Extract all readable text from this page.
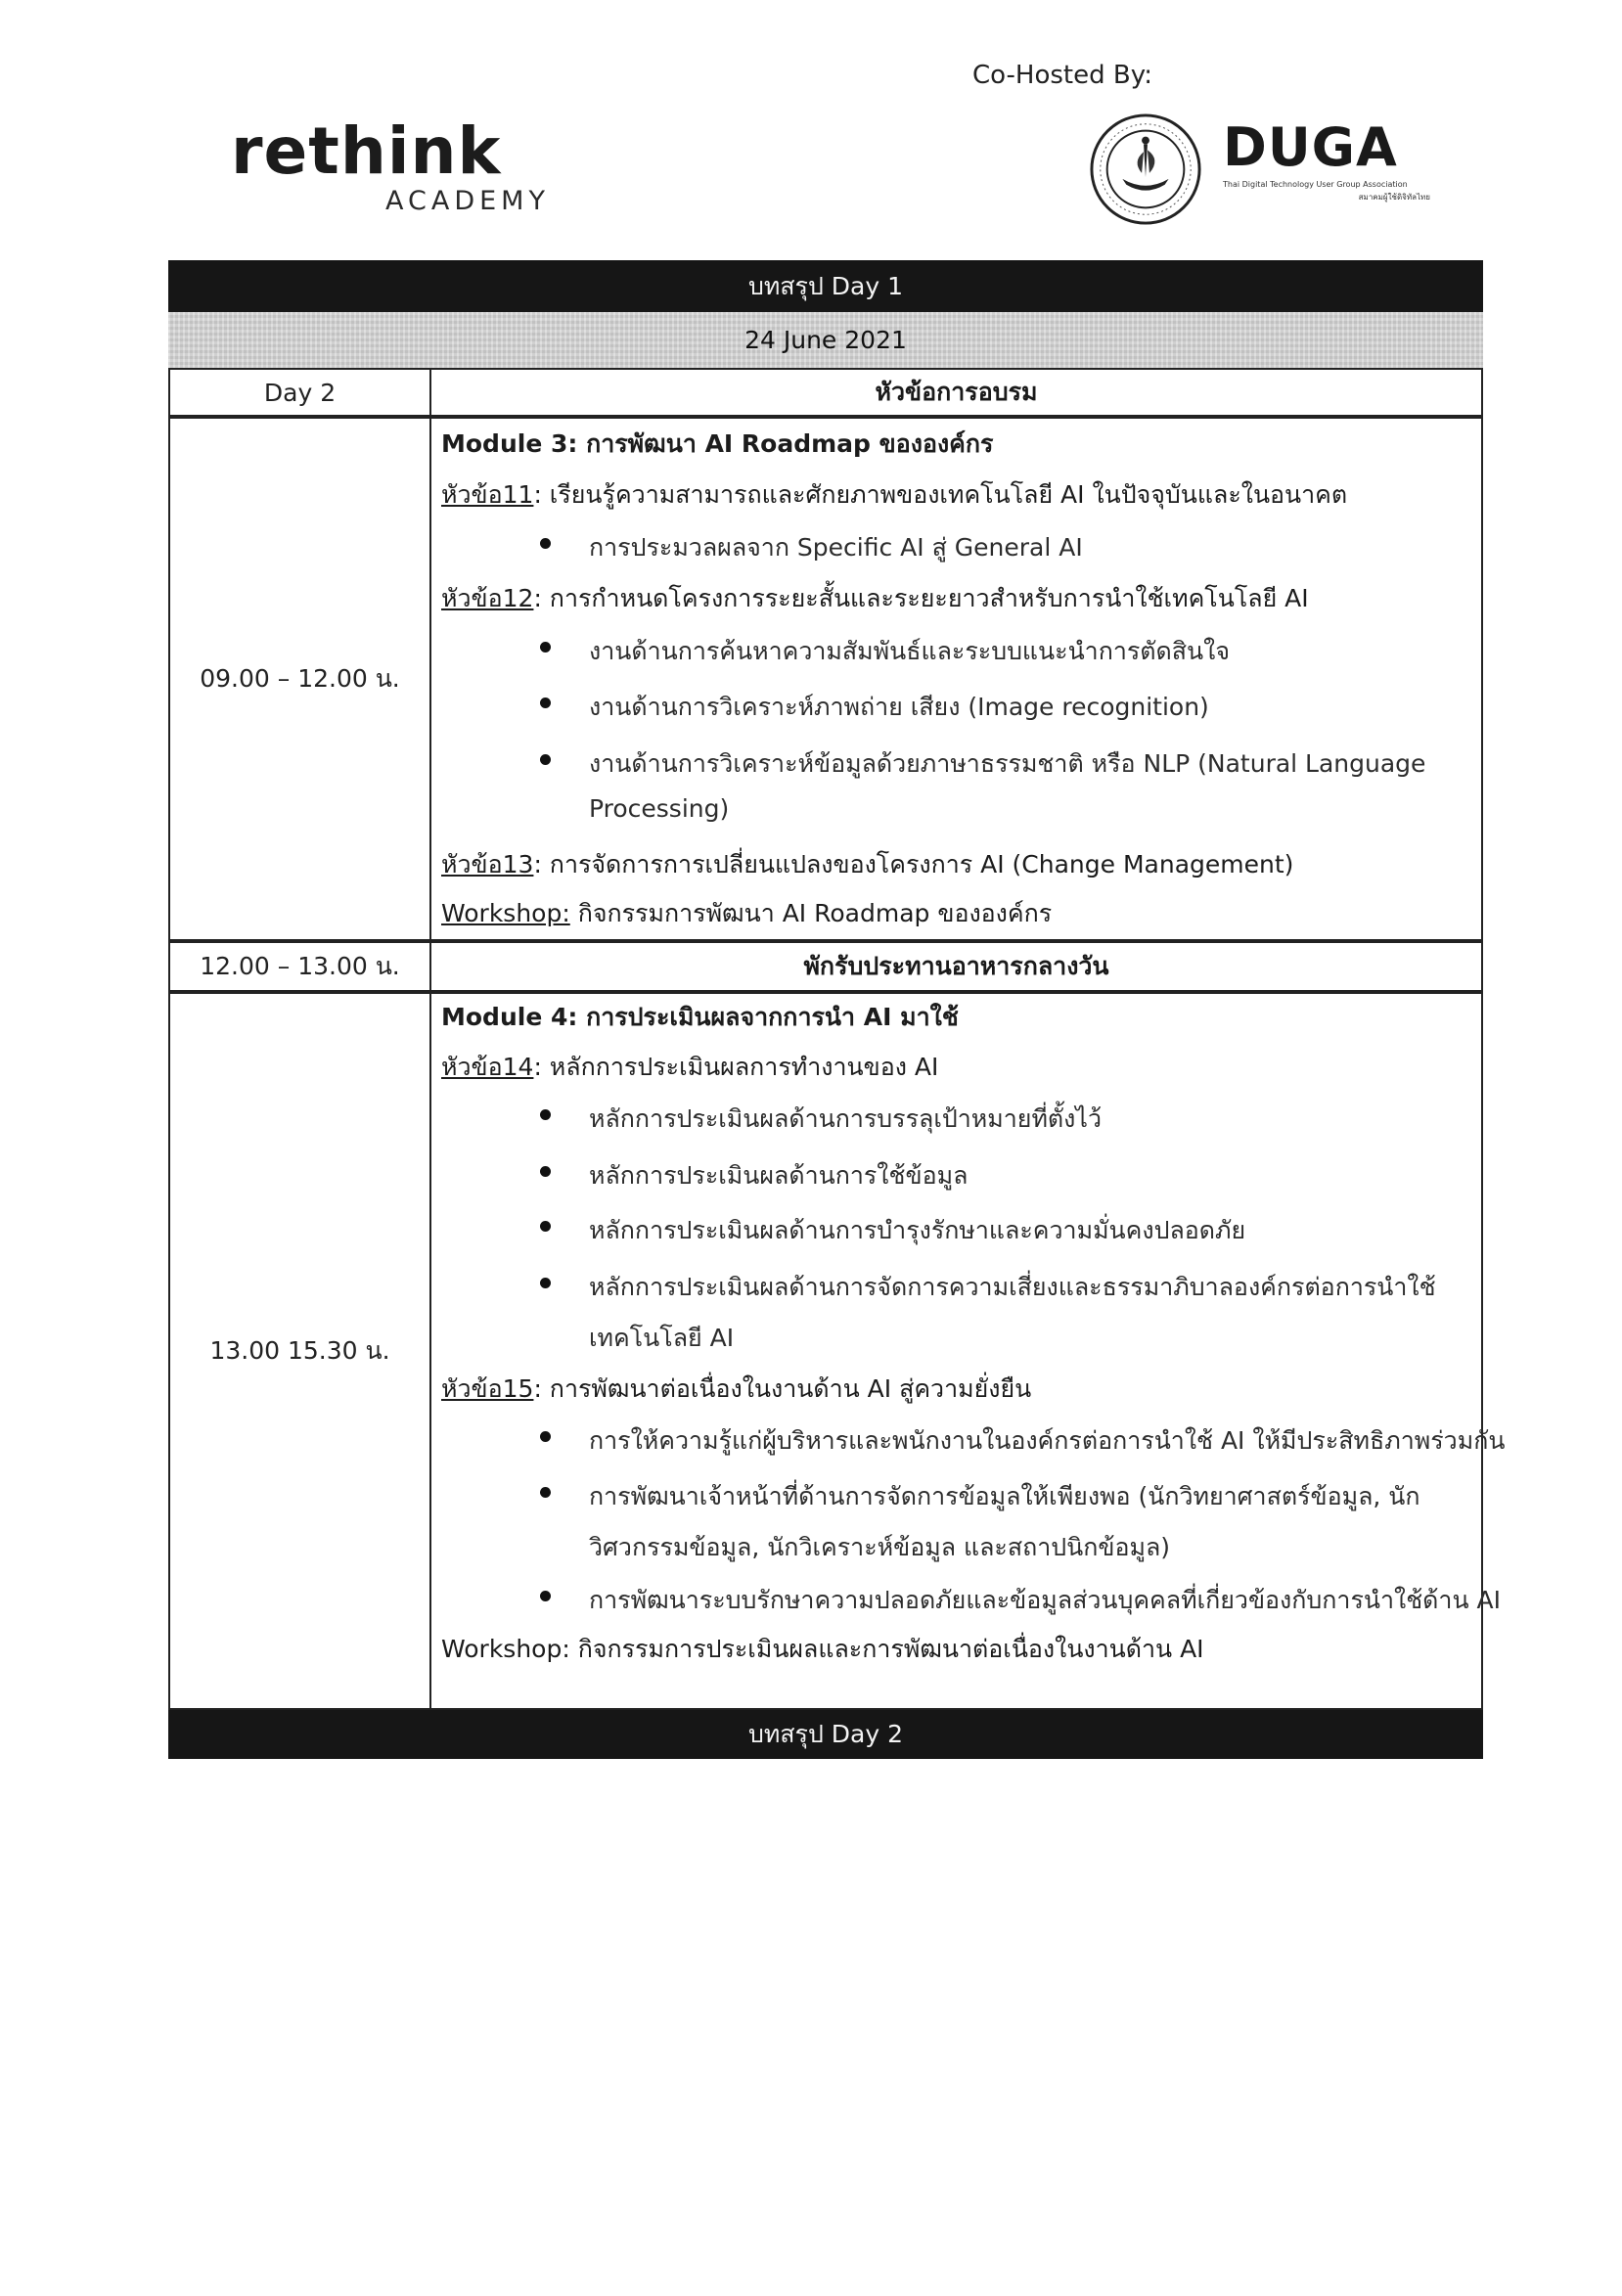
rethink
ACADEMY
Co-Hosted By:
DUGA
Thai Digital Technology User Group Association
สมาคมผู้ใช้ดิจิทัลไทย
บทสรุป Day 1
24 June 2021
Day 2	หัวข้อการอบรม
09.00 – 12.00 น.
Module 3: การพัฒนา AI Roadmap ขององค์กร
หัวข้อ11: เรียนรู้ความสามารถและศักยภาพของเทคโนโลยี AI ในปัจจุบันและในอนาคต
การประมวลผลจาก Specific AI สู่ General AI
หัวข้อ12: การกำหนดโครงการระยะสั้นและระยะยาวสำหรับการนำใช้เทคโนโลยี AI
งานด้านการค้นหาความสัมพันธ์และระบบแนะนำการตัดสินใจ
งานด้านการวิเคราะห์ภาพถ่าย เสียง (Image recognition)
งานด้านการวิเคราะห์ข้อมูลด้วยภาษาธรรมชาติ หรือ NLP (Natural Language
Processing)
หัวข้อ13: การจัดการการเปลี่ยนแปลงของโครงการ AI (Change Management)
Workshop: กิจกรรมการพัฒนา AI Roadmap ขององค์กร
12.00 – 13.00 น.	พักรับประทานอาหารกลางวัน
13.00 15.30 น.
Module 4: การประเมินผลจากการนำ AI มาใช้
หัวข้อ14: หลักการประเมินผลการทำงานของ AI
หลักการประเมินผลด้านการบรรลุเป้าหมายที่ตั้งไว้
หลักการประเมินผลด้านการใช้ข้อมูล
หลักการประเมินผลด้านการบำรุงรักษาและความมั่นคงปลอดภัย
หลักการประเมินผลด้านการจัดการความเสี่ยงและธรรมาภิบาลองค์กรต่อการนำใช้
เทคโนโลยี AI
หัวข้อ15: การพัฒนาต่อเนื่องในงานด้าน AI สู่ความยั่งยืน
การให้ความรู้แก่ผู้บริหารและพนักงานในองค์กรต่อการนำใช้ AI ให้มีประสิทธิภาพร่วมกัน
การพัฒนาเจ้าหน้าที่ด้านการจัดการข้อมูลให้เพียงพอ (นักวิทยาศาสตร์ข้อมูล, นัก
วิศวกรรมข้อมูล, นักวิเคราะห์ข้อมูล และสถาปนิกข้อมูล)
การพัฒนาระบบรักษาความปลอดภัยและข้อมูลส่วนบุคคลที่เกี่ยวข้องกับการนำใช้ด้าน AI
Workshop: กิจกรรมการประเมินผลและการพัฒนาต่อเนื่องในงานด้าน AI
บทสรุป Day 2
